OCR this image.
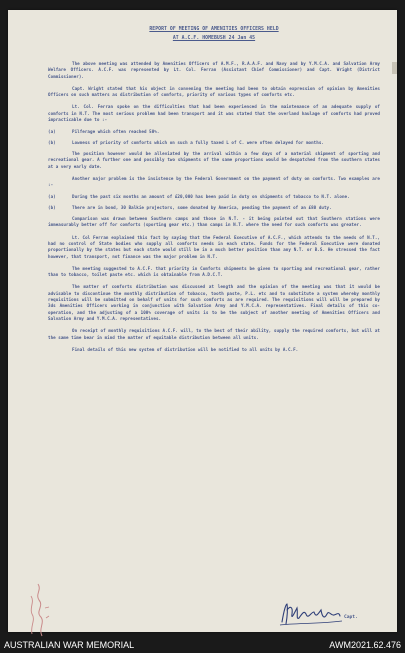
REPORT OF MEETING OF AMENITIES OFFICERS HELD
AT A.C.F. HOMEBUSH 24 Jan 45

The above meeting was attended by Amenities Officers of A.M.F., R.A.A.F. and Navy and by Y.M.C.A. and Salvation Army Welfare Officers. A.C.F. was represented by Lt. Col. Ferran (Assistant Chief Commissioner) and Capt. Wright (District Commissioner).

Capt. Wright stated that his object in convening the meeting had been to obtain expression of opinion by Amenities Officers on such matters as distribution of comforts, priority of various types of comforts etc.

Lt. Col. Ferran spoke on the difficulties that had been experienced in the maintenance of an adequate supply of comforts in N.T. The most serious problem had been transport and it was stated that the overland haulage of comforts had proved impracticable due to :-

(a)	Pilferage which often reached 50%.
(b)	Lowness of priority of comforts which on such a fully taxed L of C. were often delayed for months.

The position however would be alleviated by the arrival within a few days of a material shipment of sporting and recreational gear. A further one and possibly two shipments of the same proportions would be despatched from the southern states at a very early date.

Another major problem is the insistence by the Federal Government on the payment of duty on comforts. Two examples are :-

(a)	During the past six months an amount of £20,000 has been paid in duty on shipments of tobacco to N.T. alone.
(b)	There are in bond, 30 Balkie projectors, some donated by America, pending the payment of an £80 duty.

Comparison was drawn between Southern camps and those in N.T. - it being pointed out that Southern stations were immeasurably better off for comforts (sporting gear etc.) than camps in N.T. where the need for such comforts was greater.

Lt. Col Ferran explained this fact by saying that the Federal Executive of A.C.F., which attends to the needs of N.T., had no control of State bodies who supply all comforts needs in each state. Funds for the Federal Executive were donated proportionally by the states but each state would still be in a much better position than any N.T. or B.S. He stressed the fact however, that transport, not finance was the major problem in N.T.

The meeting suggested to A.C.F. that priority in Comforts shipments be given to sporting and recreational gear, rather than to tobacco, toilet paste etc. which is obtainable from A.D.C.T.

The matter of comforts distribution was discussed at length and the opinion of the meeting was that it would be advisable to discontinue the monthly distribution of tobacco, tooth paste, P.L. etc and to substitute a system whereby monthly requisitions will be submitted on behalf of units for such comforts as are required. The requisitions will will be prepared by 3ds Amenities Officers working in conjunction with Salvation Army and Y.M.C.A. representatives. Final details of this co-operation, and the adjusting of a 100% coverage of units is to be the subject of another meeting of Amenities Officers and Salvation Army and Y.M.C.A. representatives.

On receipt of monthly requisitions A.C.F. will, to the best of their ability, supply the required comforts, but will at the same time bear in mind the matter of equitable distribution between all units.

Final details of this new system of distribution will be notified to all units by A.C.F.

Capt.
AUSTRALIAN WAR MEMORIAL	AWM2021.62.476
